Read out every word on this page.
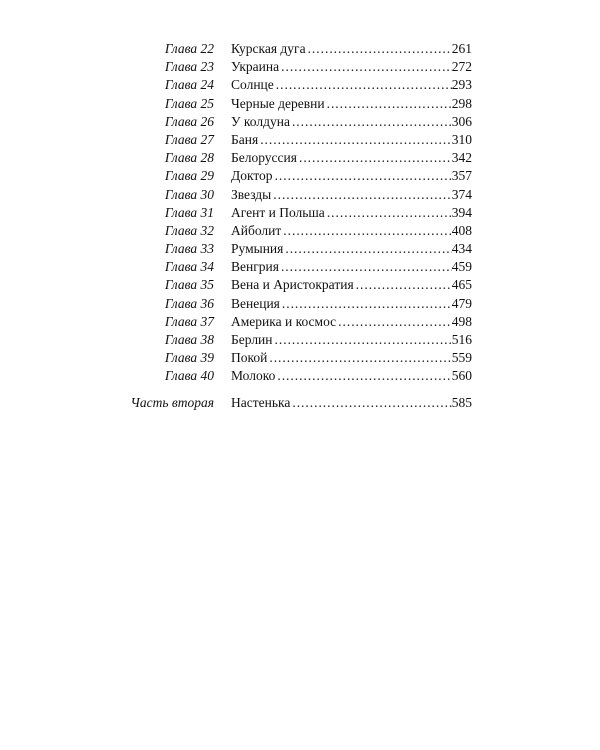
Глава 22 Курская дуга . . .	261
Глава 23 Украина . . .	272
Глава 24 Солнце . . .	293
Глава 25 Черные деревни . . .	298
Глава 26 У колдуна . . .	306
Глава 27 Баня . . .	310
Глава 28 Белоруссия . . .	342
Глава 29 Доктор . . .	357
Глава 30 Звезды . . .	374
Глава 31 Агент и Польша . . .	394
Глава 32 Айболит . . .	408
Глава 33 Румыния . . .	434
Глава 34 Венгрия . . .	459
Глава 35 Вена и Аристократия . . .	465
Глава 36 Венеция . . .	479
Глава 37 Америка и космос . . .	498
Глава 38 Берлин . . .	516
Глава 39 Покой . . .	559
Глава 40 Молоко . . .	560
Часть вторая Настенька . . .	585
